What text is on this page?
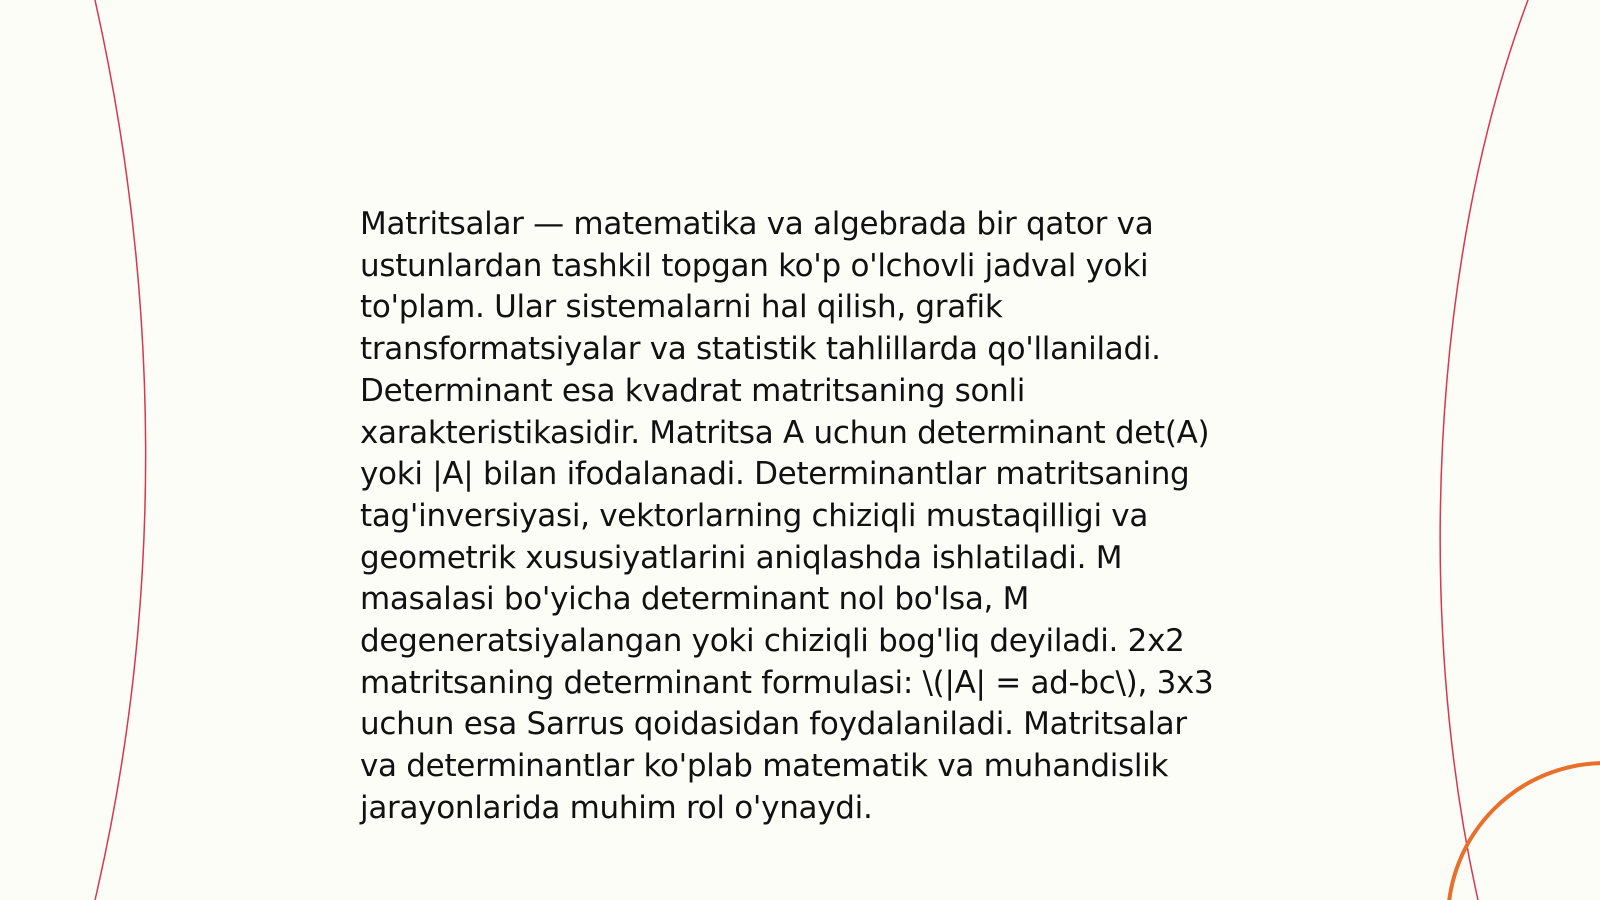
Matritsalar — matematika va algebrada bir qator va ustunlardan tashkil topgan ko'p o'lchovli jadval yoki to'plam. Ular sistemalarni hal qilish, grafik transformatsiyalar va statistik tahlillarda qo'llaniladi. Determinant esa kvadrat matritsaning sonli xarakteristikasidir. Matritsa A uchun determinant det(A) yoki |A| bilan ifodalanadi. Determinantlar matritsaning tag'inversiyasi, vektorlarning chiziqli mustaqilligi va geometrik xususiyatlarini aniqlashda ishlatiladi. M masalasi bo'yicha determinant nol bo'lsa, M degeneratsiyalangan yoki chiziqli bog'liq deyiladi. 2x2 matritsaning determinant formulasi: \(|A| = ad-bc\), 3x3 uchun esa Sarrus qoidasidan foydalaniladi. Matritsalar va determinantlar ko'plab matematik va muhandislik jarayonlarida muhim rol o'ynaydi.
